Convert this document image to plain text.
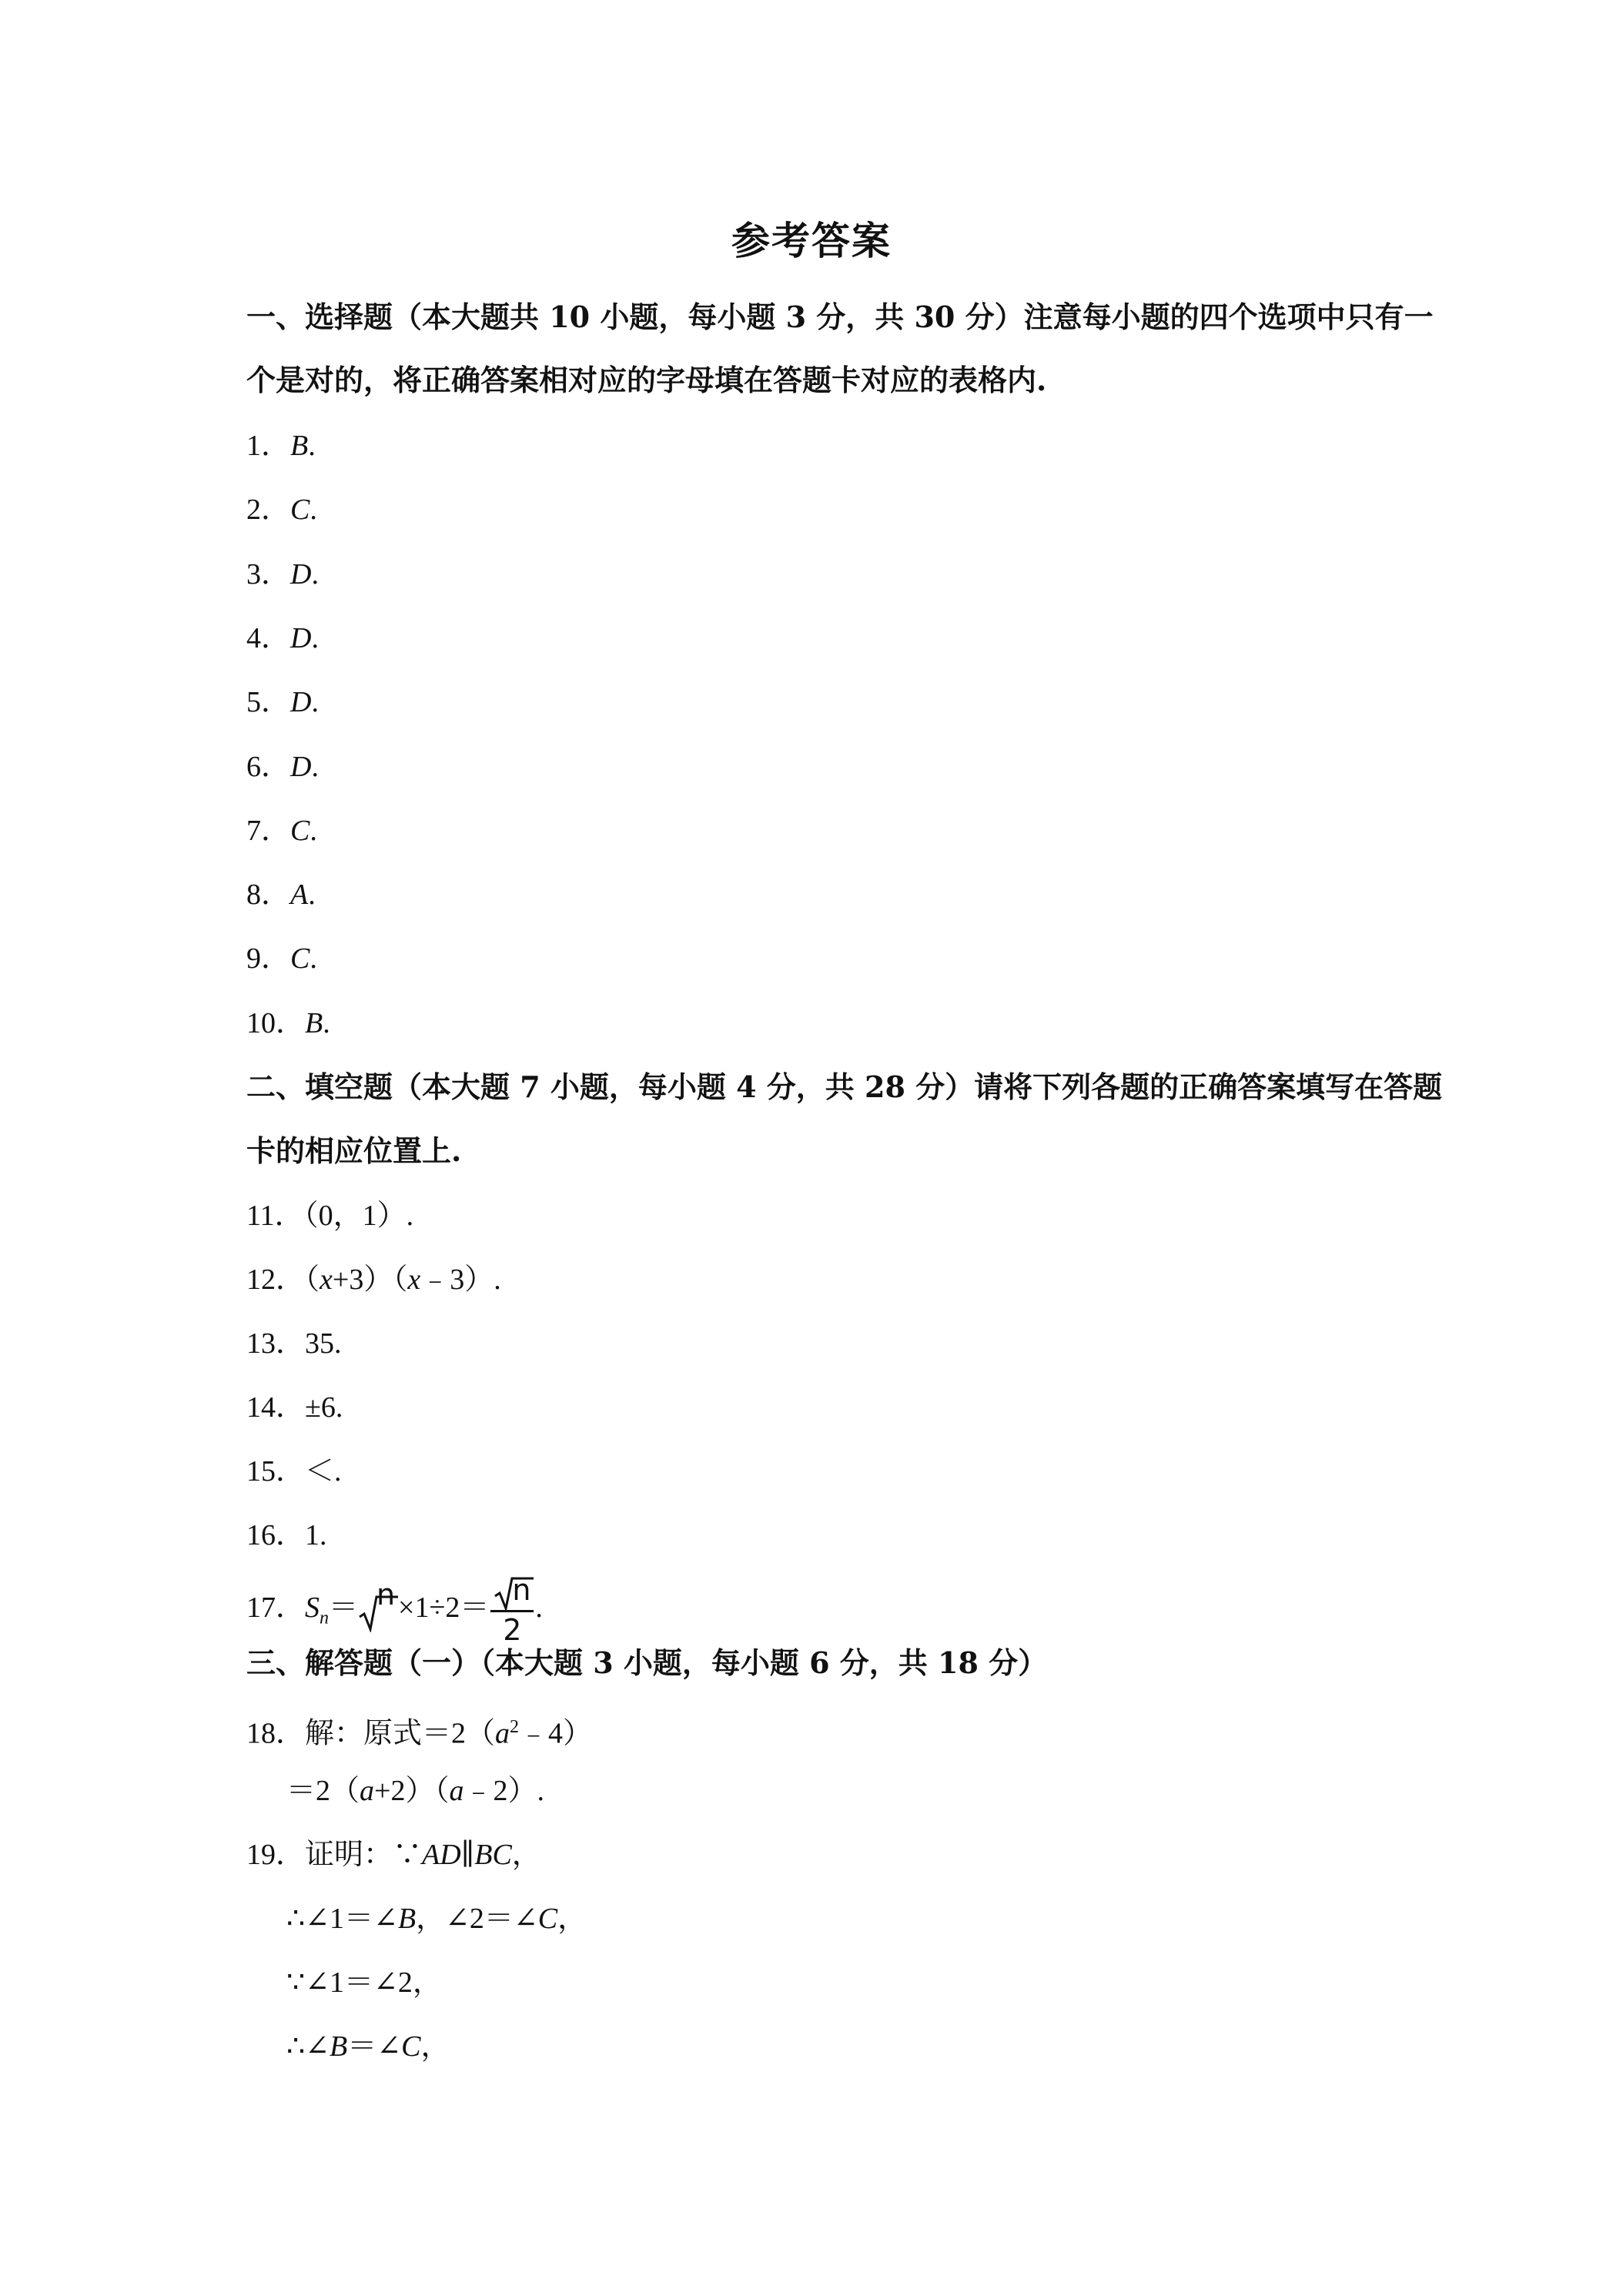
参考答案
一、选择题（本大题共 10 小题，每小题 3 分，共 30 分）注意每小题的四个选项中只有一
个是对的，将正确答案相对应的字母填在答题卡对应的表格内.
1．B.
2．C.
3．D.
4．D.
5．D.
6．D.
7．C.
8．A.
9．C.
10．B.
二、填空题（本大题 7 小题，每小题 4 分，共 28 分）请将下列各题的正确答案填写在答题
卡的相应位置上.
11．（0，1）.
12．（x+3）（x﹣3）.
13．35.
14．±6.
15．＜.
16．1.
17．$S_n= n \times 1\div 2= \frac{n}{2}$ .
三、解答题（一）（本大题 3 小题，每小题 6 分，共 18 分）
18．解：原式$=2(a^2﹣4)$
＝2（a+2）（a﹣2）.
19．证明：∵AD∥BC，
∴∠1＝∠B，∠2＝∠C，
∵∠1＝∠2，
∴∠B＝∠C，
